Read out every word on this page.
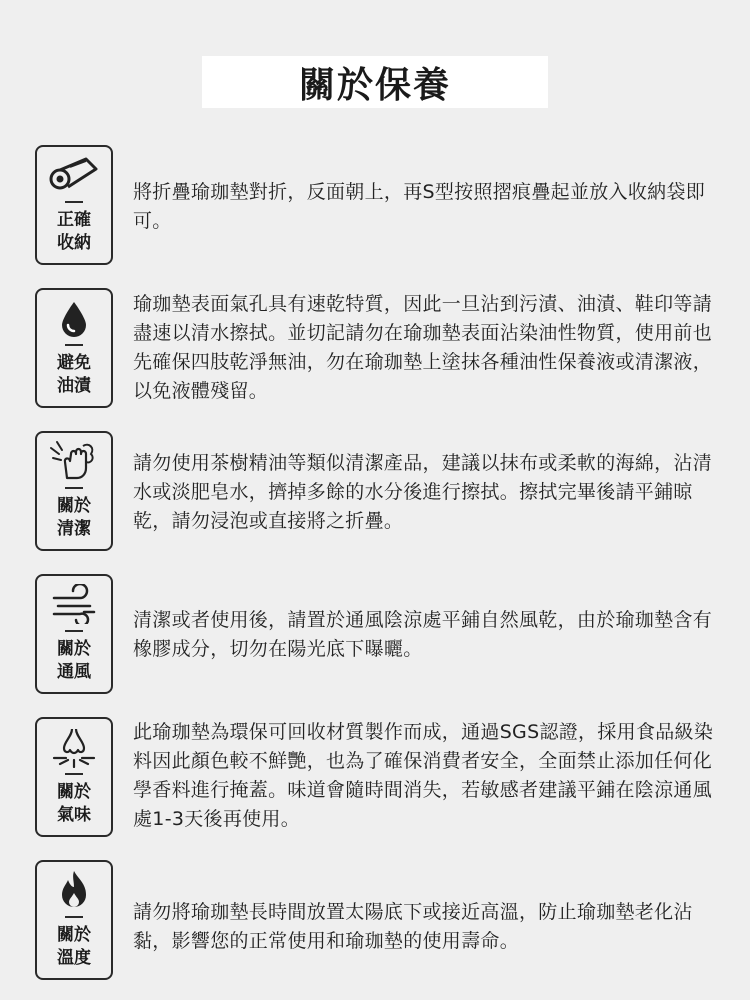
關於保養
正確
收納

將折疊瑜珈墊對折，反面朝上，再S型按照摺痕疊起並放入收納袋即可。

避免
油漬

瑜珈墊表面氣孔具有速乾特質，因此一旦沾到污漬、油漬、鞋印等請盡速以清水擦拭。並切記請勿在瑜珈墊表面沾染油性物質，使用前也先確保四肢乾淨無油，勿在瑜珈墊上塗抹各種油性保養液或清潔液，以免液體殘留。

關於
清潔

請勿使用茶樹精油等類似清潔產品，建議以抹布或柔軟的海綿，沾清水或淡肥皂水，擠掉多餘的水分後進行擦拭。擦拭完畢後請平鋪晾乾，請勿浸泡或直接將之折疊。

關於
通風

清潔或者使用後，請置於通風陰涼處平鋪自然風乾，由於瑜珈墊含有橡膠成分，切勿在陽光底下曝曬。

關於
氣味

此瑜珈墊為環保可回收材質製作而成，通過SGS認證，採用食品級染料因此顏色較不鮮艷，也為了確保消費者安全，全面禁止添加任何化學香料進行掩蓋。味道會隨時間消失，若敏感者建議平鋪在陰涼通風處1-3天後再使用。

關於
溫度

請勿將瑜珈墊長時間放置太陽底下或接近高溫，防止瑜珈墊老化沾黏，影響您的正常使用和瑜珈墊的使用壽命。
